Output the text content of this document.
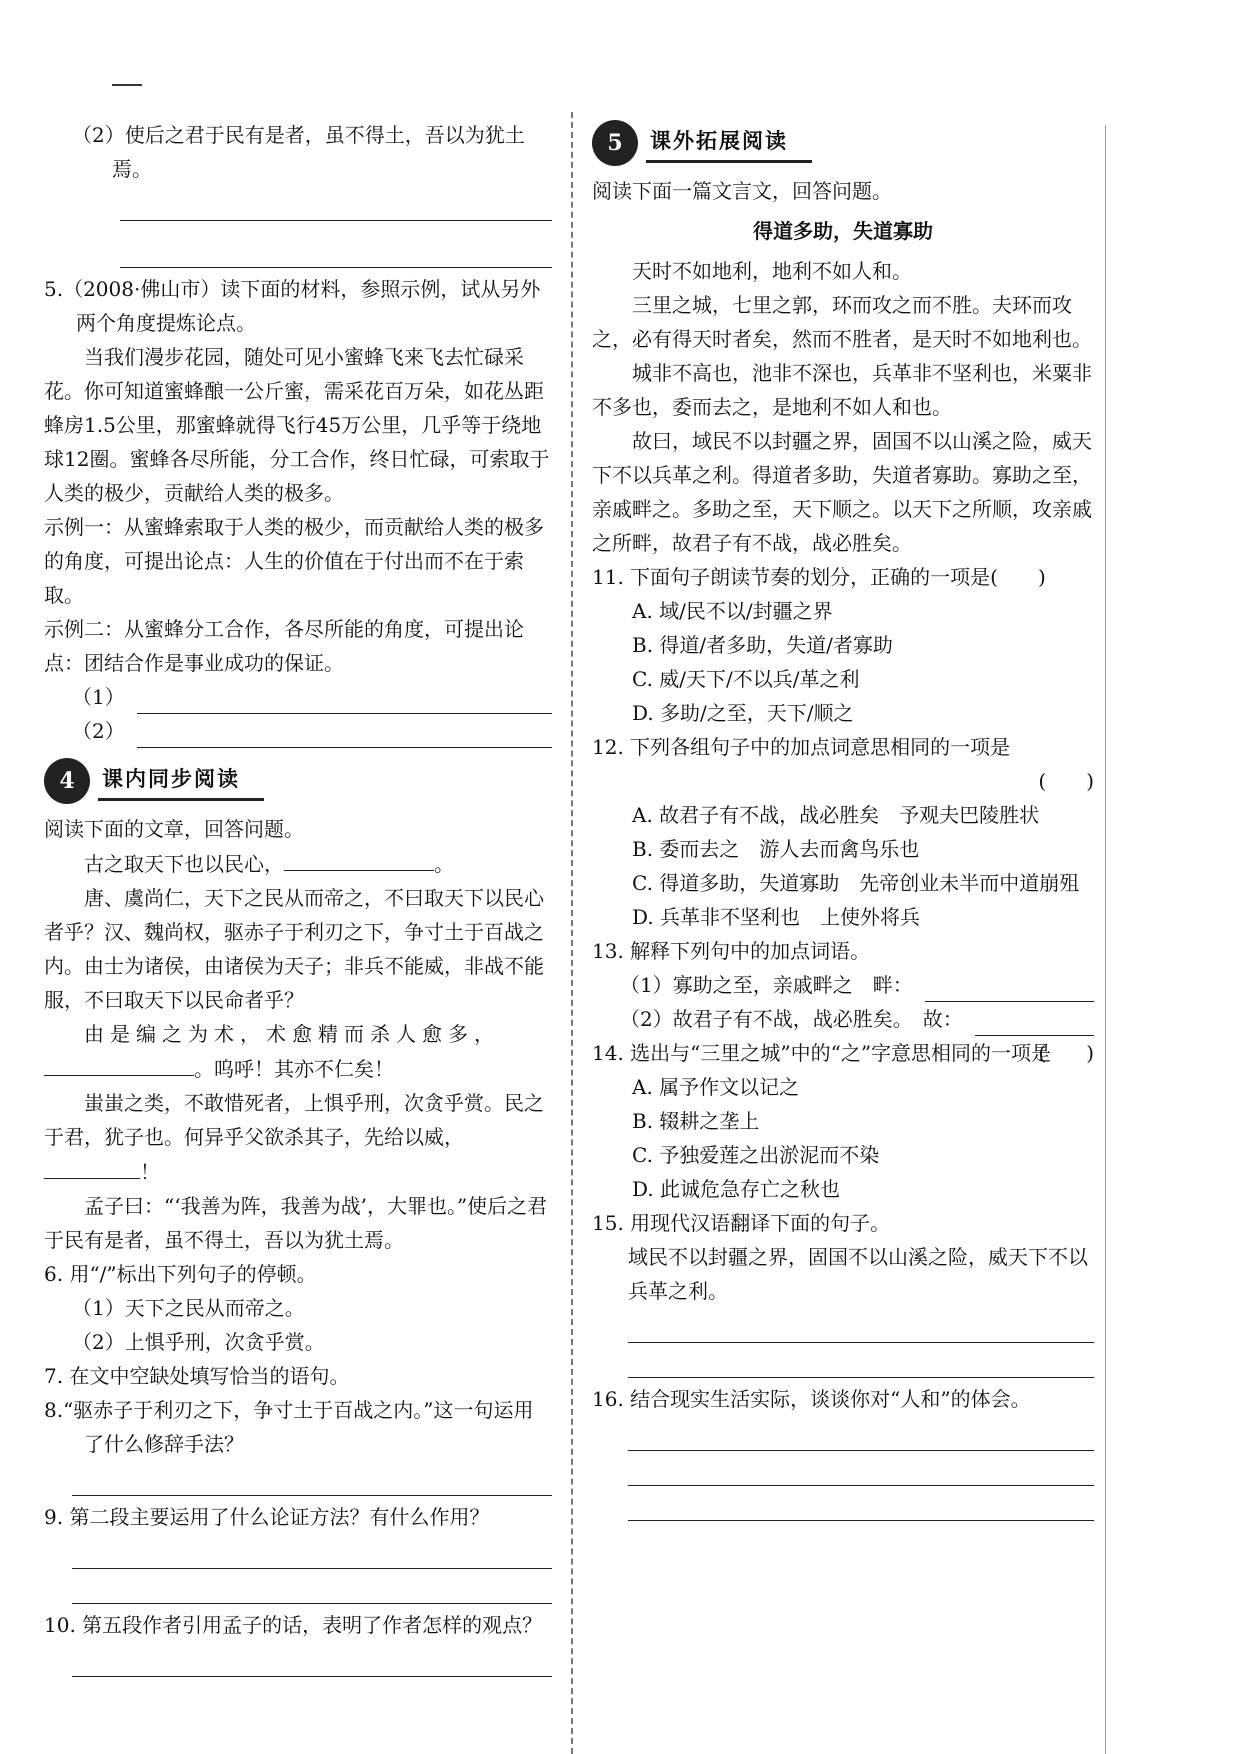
（2）使后之君于民有是者，虽不得土，吾以为犹土焉。

5.（2008·佛山市）读下面的材料，参照示例，试从另外两个角度提炼论点。

当我们漫步花园，随处可见小蜜蜂飞来飞去忙碌采花。你可知道蜜蜂酿一公斤蜜，需采花百万朵，如花丛距蜂房1.5公里，那蜜蜂就得飞行45万公里，几乎等于绕地球12圈。蜜蜂各尽所能，分工合作，终日忙碌，可索取于人类的极少，贡献给人类的极多。

示例一：从蜜蜂索取于人类的极少，而贡献给人类的极多的角度，可提出论点：人生的价值在于付出而不在于索取。

示例二：从蜜蜂分工合作，各尽所能的角度，可提出论点：团结合作是事业成功的保证。

（1）
（2）
4	课内同步阅读

阅读下面的文章，回答问题。

古之取天下也以民心，	。

唐、虞尚仁，天下之民从而帝之，不曰取天下以民心者乎？汉、魏尚权，驱赤子于利刃之下，争寸土于百战之内。由士为诸侯，由诸侯为天子；非兵不能威，非战不能服，不曰取天下以民命者乎？

由是编之为术，术愈精而杀人愈多，

。呜呼！其亦不仁矣！

蚩蚩之类，不敢惜死者，上惧乎刑，次贪乎赏。民之于君，犹子也。何异乎父欲杀其子，先给以威，！

孟子曰：“‘我善为阵，我善为战’，大罪也。”使后之君于民有是者，虽不得土，吾以为犹土焉。

6. 用“/”标出下列句子的停顿。

（1）天下之民从而帝之。

（2）上惧乎刑，次贪乎赏。

7. 在文中空缺处填写恰当的语句。

8.“驱赤子于利刃之下，争寸土于百战之内。”这一句运用了什么修辞手法？

9. 第二段主要运用了什么论证方法？有什么作用？

10. 第五段作者引用孟子的话，表明了作者怎样的观点？

5	课外拓展阅读

阅读下面一篇文言文，回答问题。

得道多助，失道寡助

天时不如地利，地利不如人和。

三里之城，七里之郭，环而攻之而不胜。夫环而攻之，必有得天时者矣，然而不胜者，是天时不如地利也。

城非不高也，池非不深也，兵革非不坚利也，米粟非不多也，委而去之，是地利不如人和也。

故曰，域民不以封疆之界，固国不以山溪之险，威天下不以兵革之利。得道者多助，失道者寡助。寡助之至，亲戚畔之。多助之至，天下顺之。以天下之所顺，攻亲戚之所畔，故君子有不战，战必胜矣。

11. 下面句子朗读节奏的划分，正确的一项是(　　)

A. 域/民不以/封疆之界

B. 得道/者多助，失道/者寡助

C. 威/天下/不以兵/革之利

D. 多助/之至，天下/顺之

12. 下列各组句子中的加点词意思相同的一项是

(　　)

A. 故君子有不战，战必胜矣　予观夫巴陵胜状

B. 委而去之　游人去而禽鸟乐也

C. 得道多助，失道寡助　先帝创业未半而中道崩殂

D. 兵革非不坚利也　上使外将兵

13. 解释下列句中的加点词语。

（1）寡助之至，亲戚畔之　畔：
（2）故君子有不战，战必胜矣。　故：

14. 选出与“三里之城”中的“之”字意思相同的一项是
(　　)

A. 属予作文以记之

B. 辍耕之垄上

C. 予独爱莲之出淤泥而不染

D. 此诚危急存亡之秋也

15. 用现代汉语翻译下面的句子。

域民不以封疆之界，固国不以山溪之险，威天下不以兵革之利。

16. 结合现实生活实际，谈谈你对“人和”的体会。
